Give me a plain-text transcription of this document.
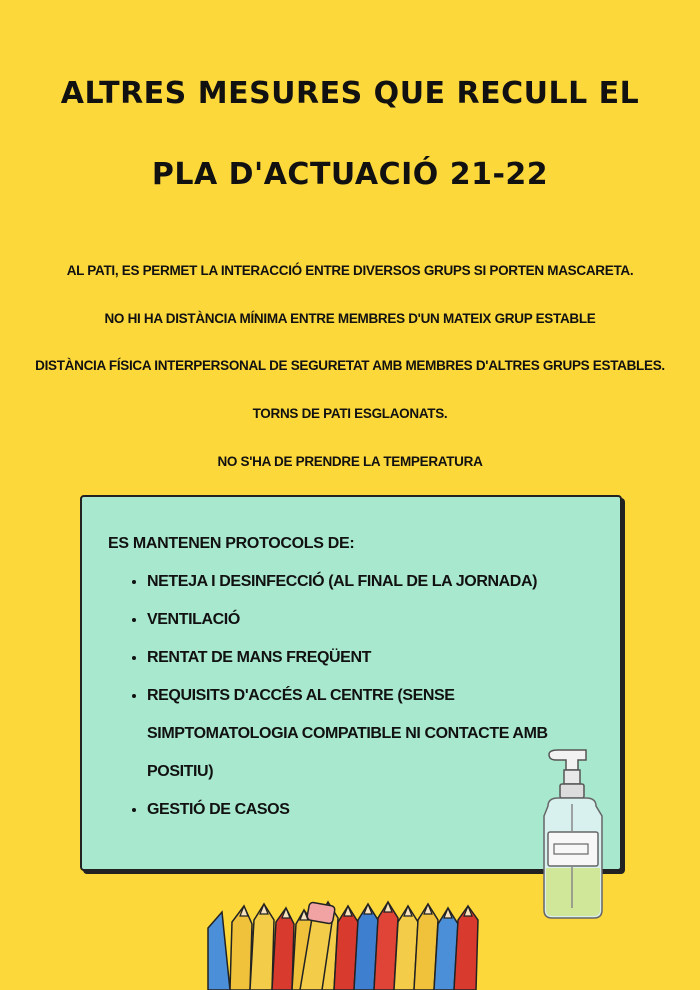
ALTRES MESURES QUE RECULL EL
PLA D'ACTUACIÓ 21-22
AL PATI, ES PERMET LA INTERACCIÓ ENTRE DIVERSOS GRUPS SI PORTEN MASCARETA.
NO HI HA DISTÀNCIA MÍNIMA ENTRE MEMBRES D'UN MATEIX GRUP ESTABLE
DISTÀNCIA FÍSICA INTERPERSONAL DE SEGURETAT AMB MEMBRES D'ALTRES GRUPS ESTABLES.
TORNS DE PATI ESGLAONATS.
NO S'HA DE PRENDRE LA TEMPERATURA
ES MANTENEN PROTOCOLS DE:
• NETEJA I DESINFECCIÓ (AL FINAL DE LA JORNADA)
• VENTILACIÓ
• RENTAT DE MANS FREQÜENT
• REQUISITS D'ACCÉS AL CENTRE (SENSE SIMPTOMATOLOGIA COMPATIBLE NI CONTACTE AMB POSITIU)
• GESTIÓ DE CASOS
